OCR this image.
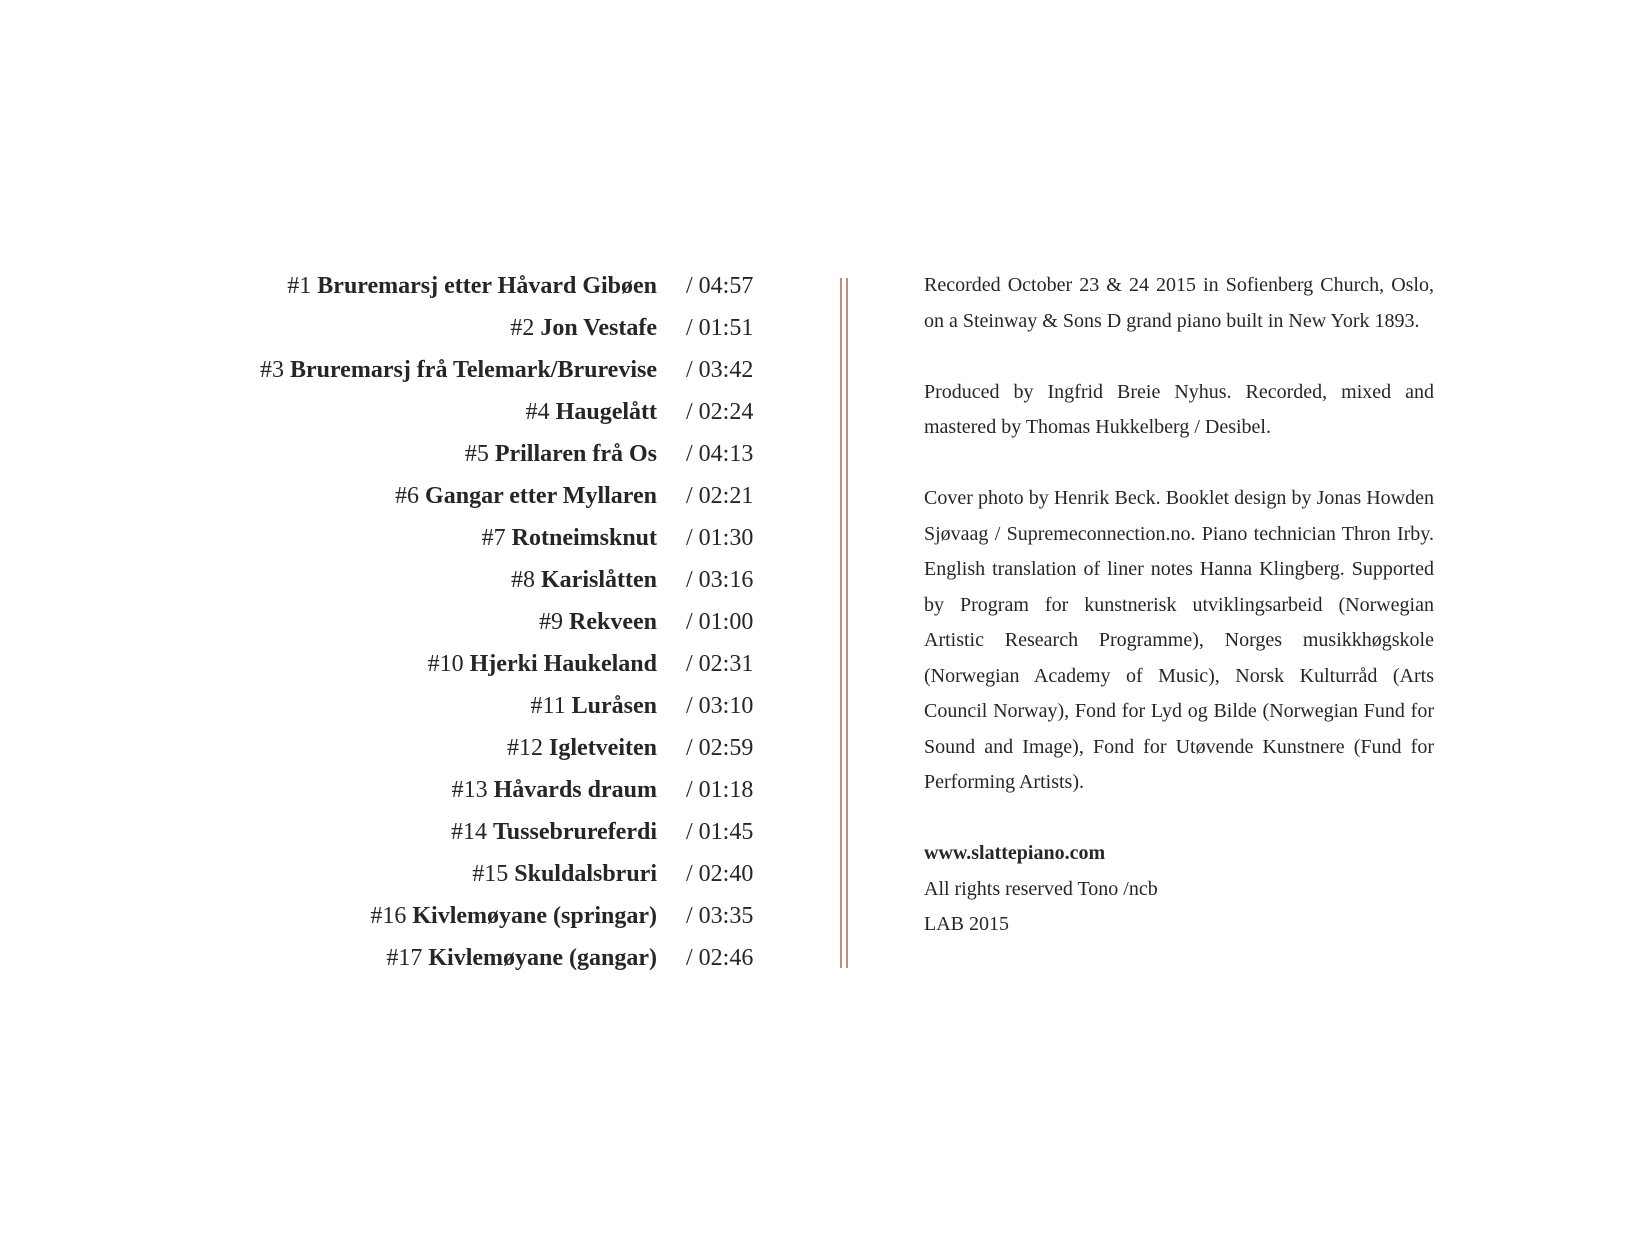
#1 Bruremarsj etter Håvard Gibøen	/ 04:57
#2 Jon Vestafe	/ 01:51
#3 Bruremarsj frå Telemark/Brurevise	/ 03:42
#4 Haugelått	/ 02:24
#5 Prillaren frå Os	/ 04:13
#6 Gangar etter Myllaren	/ 02:21
#7 Rotneimsknut	/ 01:30
#8 Karislåtten	/ 03:16
#9 Rekveen	/ 01:00
#10 Hjerki Haukeland	/ 02:31
#11 Luråsen	/ 03:10
#12 Igletveiten	/ 02:59
#13 Håvards draum	/ 01:18
#14 Tussebrureferdi	/ 01:45
#15 Skuldalsbruri	/ 02:40
#16 Kivlemøyane (springar)	/ 03:35
#17 Kivlemøyane (gangar)	/ 02:46

Recorded October 23 & 24 2015 in Sofienberg Church, Oslo, on a Steinway & Sons D grand piano built in New York 1893.

Produced by Ingfrid Breie Nyhus. Recorded, mixed and mastered by Thomas Hukkelberg / Desibel.

Cover photo by Henrik Beck. Booklet design by Jonas Howden Sjøvaag / Supremeconnection.no. Piano technician Thron Irby. English translation of liner notes Hanna Klingberg. Supported by Program for kunstnerisk utviklingsarbeid (Norwegian Artistic Research Programme), Norges musikkhøgskole (Norwegian Academy of Music), Norsk Kulturråd (Arts Council Norway), Fond for Lyd og Bilde (Norwegian Fund for Sound and Image), Fond for Utøvende Kunstnere (Fund for Performing Artists).

www.slattepiano.com
All rights reserved Tono /ncb
LAB 2015
